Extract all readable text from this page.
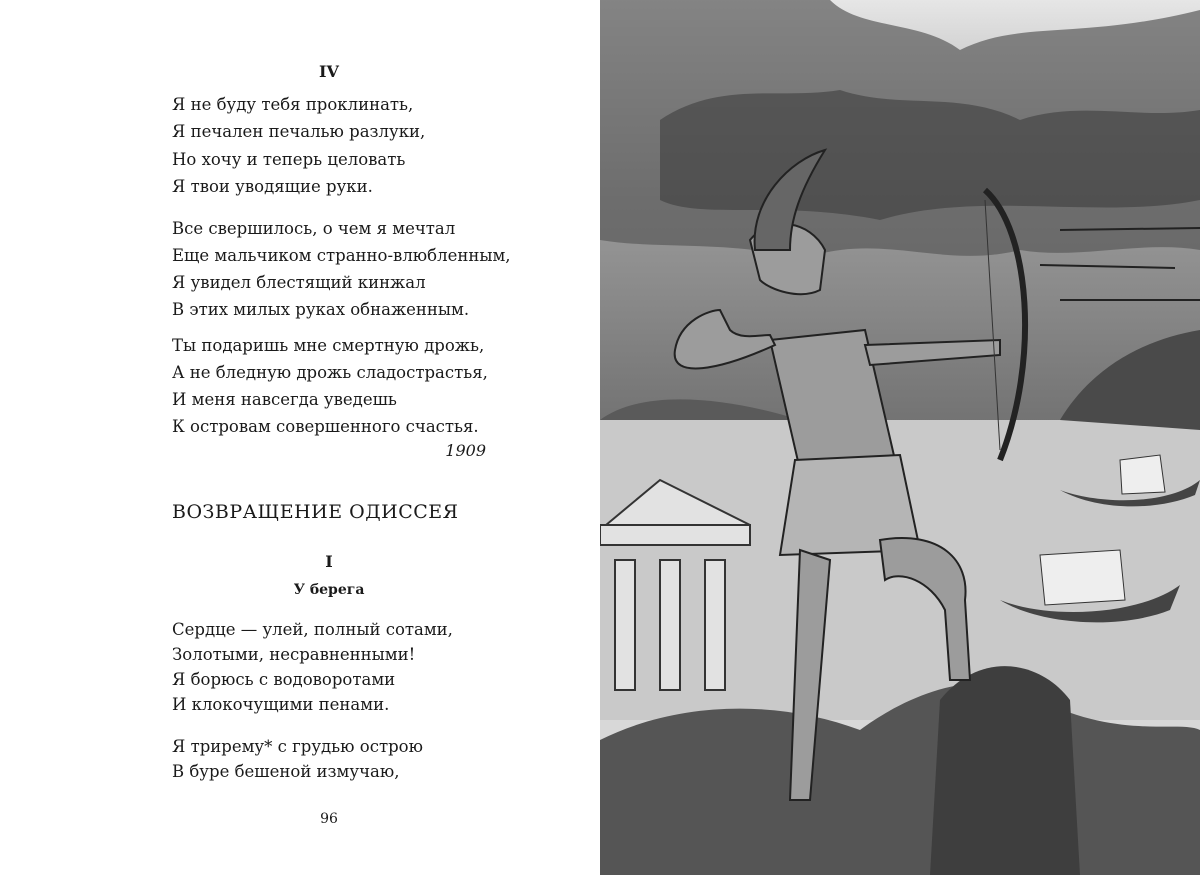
IV
Я не буду тебя проклинать,
Я печален печалью разлуки,
Но хочу и теперь целовать
Я твои уводящие руки.
Все свершилось, о чем я мечтал
Еще мальчиком странно-влюбленным,
Я увидел блестящий кинжал
В этих милых руках обнаженным.
Ты подаришь мне смертную дрожь,
А не бледную дрожь сладострастья,
И меня навсегда уведешь
К островам совершенного счастья.
1909
ВОЗВРАЩЕНИЕ ОДИССЕЯ
I
У берега
Сердце — улей, полный сотами,
Золотыми, несравненными!
Я борюсь с водоворотами
И клокочущими пенами.
Я трирему* с грудью острою
В буре бешеной измучаю,
96
